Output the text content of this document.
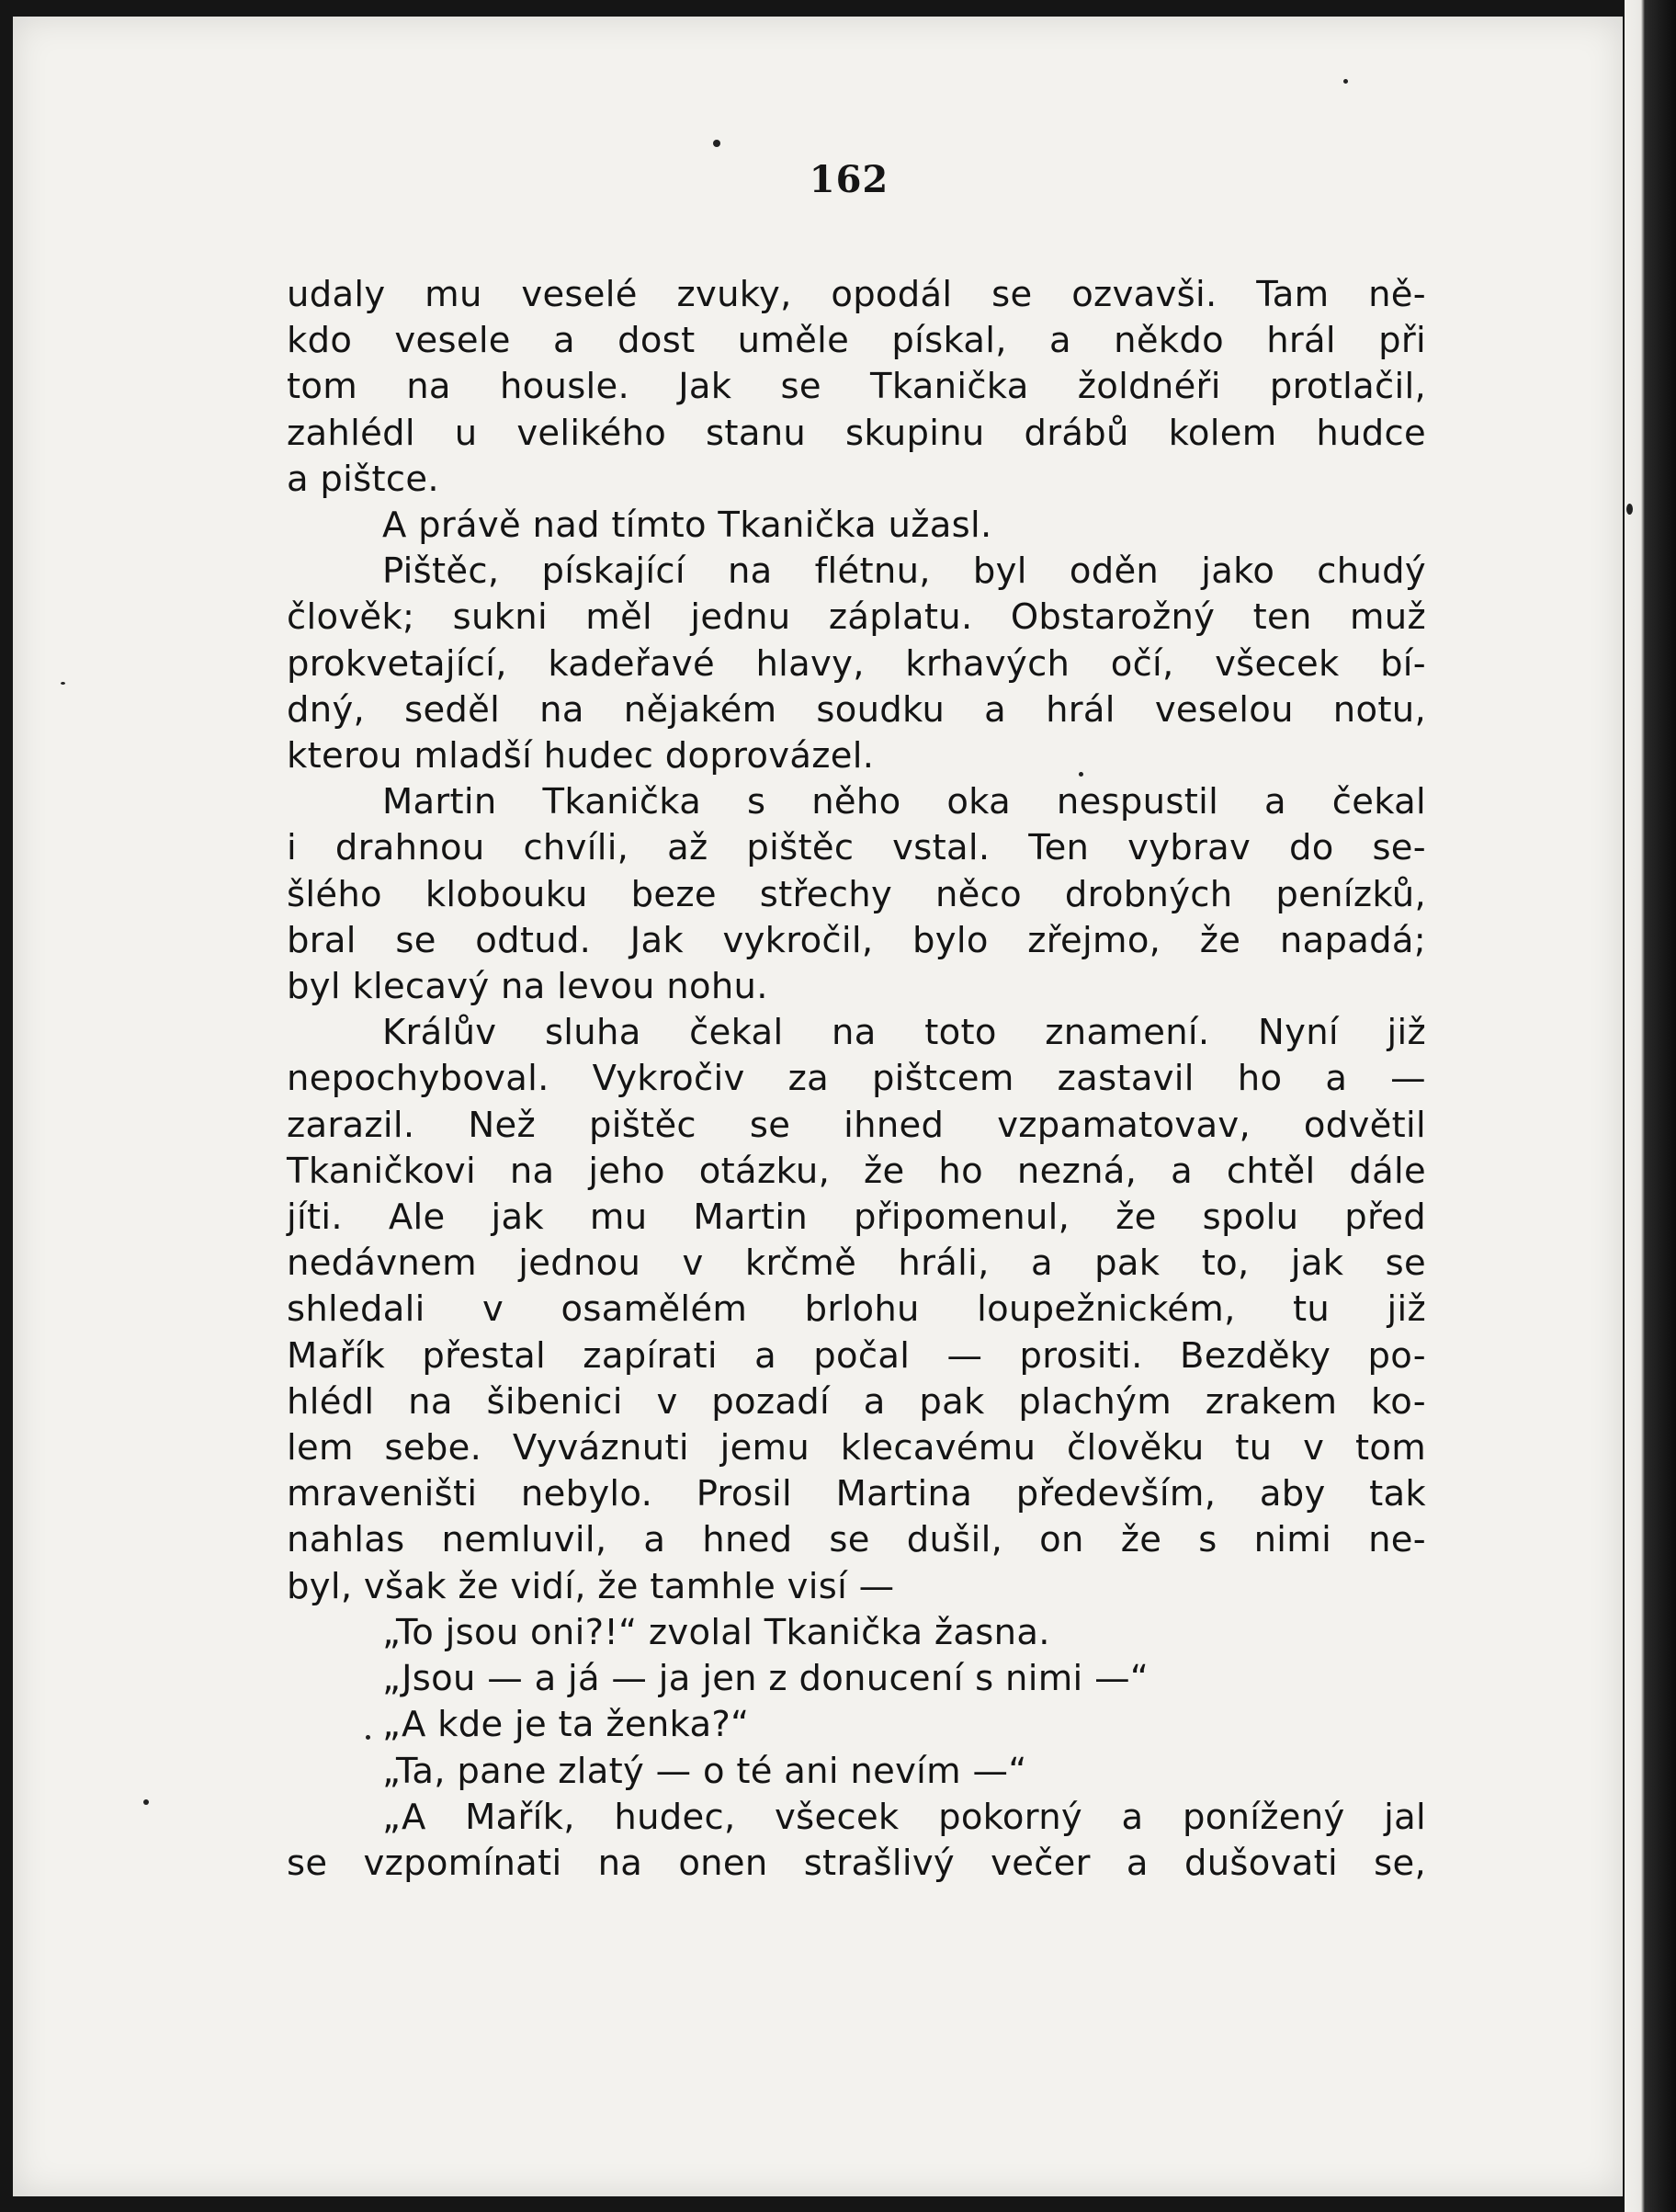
162
udaly mu veselé zvuky, opodál se ozvavši. Tam ně-
kdo vesele a dost uměle pískal, a někdo hrál při
tom na housle. Jak se Tkanička žoldnéři protlačil,
zahlédl u velikého stanu skupinu drábů kolem hudce
a pištce.
A právě nad tímto Tkanička užasl.
Pištěc, pískající na flétnu, byl oděn jako chudý
člověk; sukni měl jednu záplatu. Obstarožný ten muž
prokvetající, kadeřavé hlavy, krhavých očí, všecek bí-
dný, seděl na nějakém soudku a hrál veselou notu,
kterou mladší hudec doprovázel.
Martin Tkanička s něho oka nespustil a čekal
i drahnou chvíli, až pištěc vstal. Ten vybrav do se-
šlého klobouku beze střechy něco drobných penízků,
bral se odtud. Jak vykročil, bylo zřejmo, že napadá;
byl klecavý na levou nohu.
Králův sluha čekal na toto znamení. Nyní již
nepochyboval. Vykročiv za pištcem zastavil ho a —
zarazil. Než pištěc se ihned vzpamatovav, odvětil
Tkaničkovi na jeho otázku, že ho nezná, a chtěl dále
jíti. Ale jak mu Martin připomenul, že spolu před
nedávnem jednou v krčmě hráli, a pak to, jak se
shledali v osamělém brlohu loupežnickém, tu již
Mařík přestal zapírati a počal — prositi. Bezděky po-
hlédl na šibenici v pozadí a pak plachým zrakem ko-
lem sebe. Vyváznuti jemu klecavému člověku tu v tom
mraveništi nebylo. Prosil Martina především, aby tak
nahlas nemluvil, a hned se dušil, on že s nimi ne-
byl, však že vidí, že tamhle visí —
„To jsou oni?!“ zvolal Tkanička žasna.
„Jsou — a já — ja jen z donucení s nimi —“
„A kde je ta ženka?“
„Ta, pane zlatý — o té ani nevím —“
„A Mařík, hudec, všecek pokorný a ponížený jal
se vzpomínati na onen strašlivý večer a dušovati se,
